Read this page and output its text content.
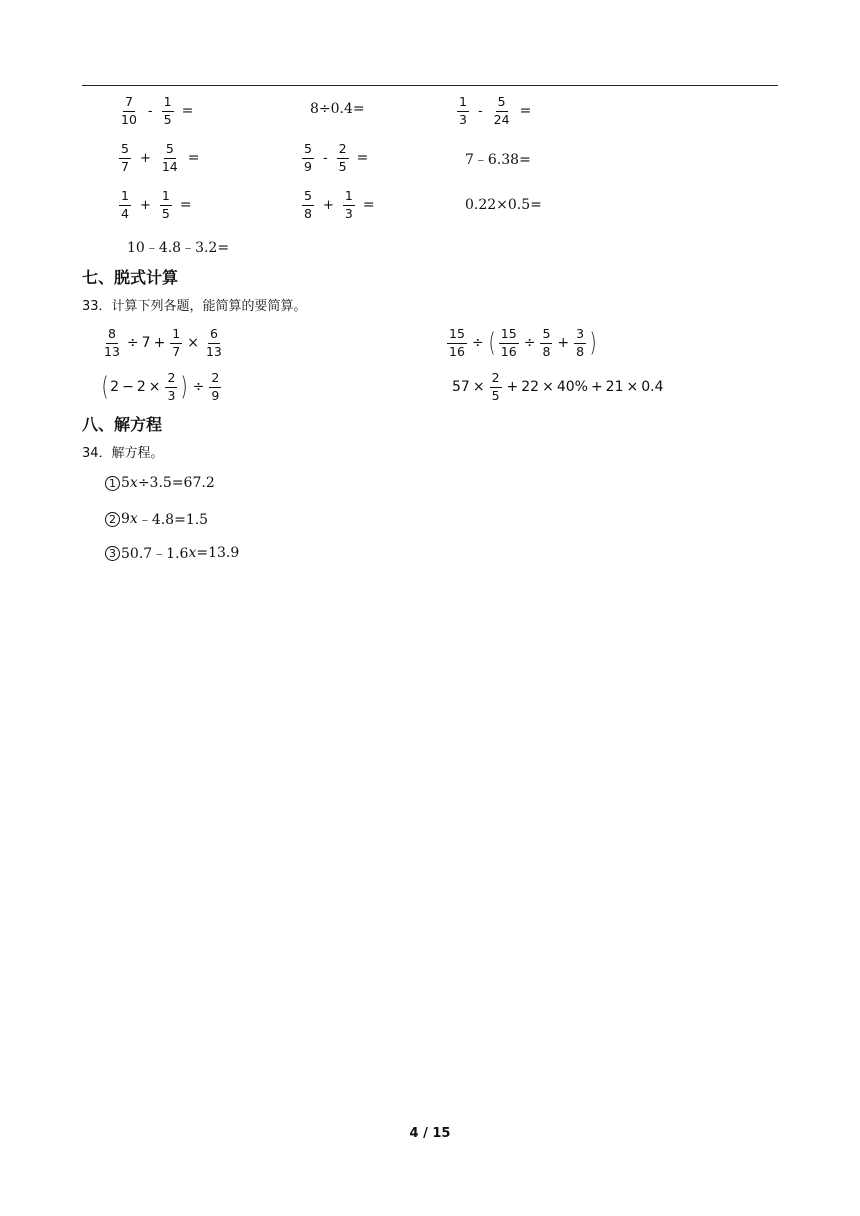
$\frac{7}{10} - \frac{1}{5}$ =	8÷0.4=	$\frac{1}{3} - \frac{5}{24}$ =
$\frac{5}{7} + \frac{5}{14}$ =	$\frac{5}{9} - \frac{2}{5}$ =	7﹣6.38=
$\frac{1}{4} + \frac{1}{5}$ =	$\frac{5}{8} + \frac{1}{3}$ =	0.22×0.5=
10﹣4.8﹣3.2=
七、脱式计算
33．计算下列各题，能简算的要简算。
$\frac{8}{13} \div 7 + \frac{1}{7} \times \frac{6}{13}$	$\frac{15}{16}$ ÷ ( $\frac{15}{16} \div \frac{5}{8} + \frac{3}{8}$ )
( $2 - 2 \times \frac{2}{3}$ ) ÷ $\frac{2}{9}$	$57 \times \frac{2}{5} + 22 \times 40\% + 21 \times 0.4$
八、解方程
34．解方程。
1 5 x ÷3.5=67.2
2 9 x ﹣4.8=1.5
3 50.7﹣1.6 x =13.9
4 / 15
